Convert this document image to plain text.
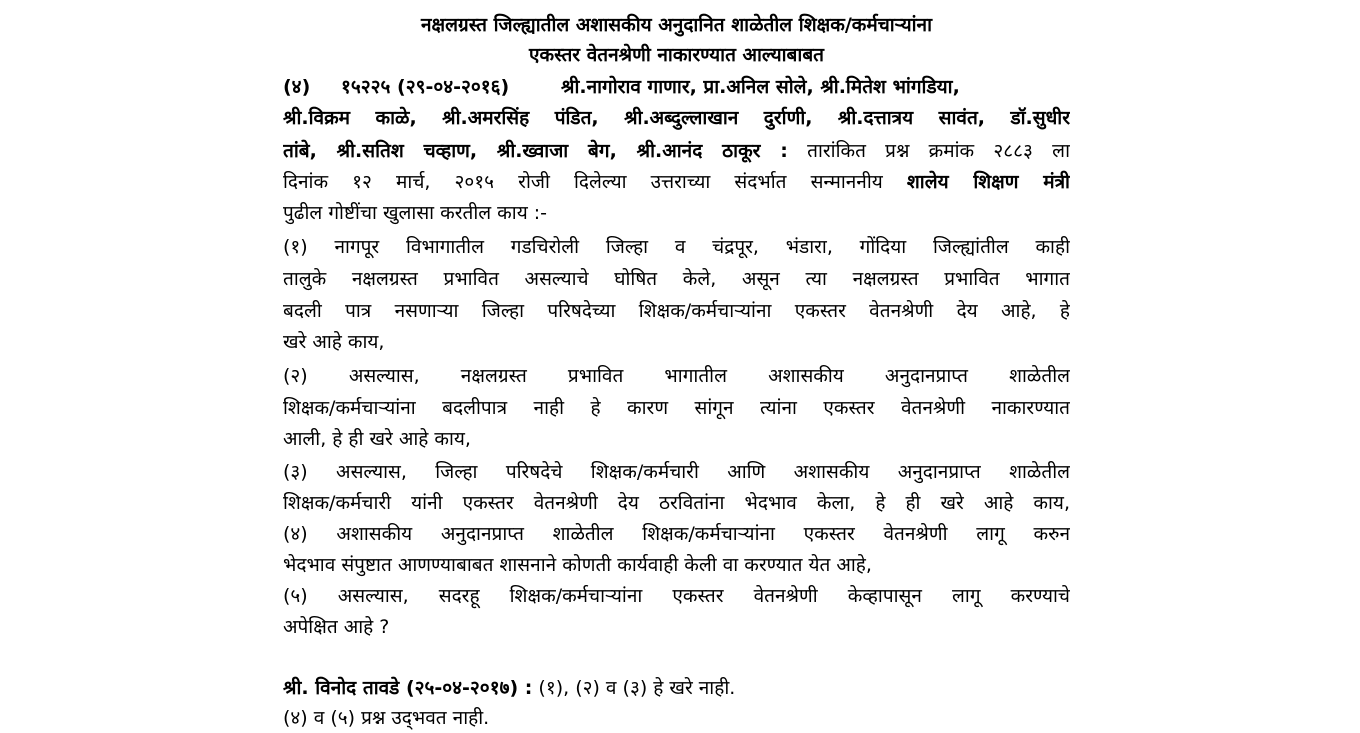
नक्षलग्रस्त जिल्ह्यातील अशासकीय अनुदानित शाळेतील शिक्षक/कर्मचाऱ्यांना
एकस्तर वेतनश्रेणी नाकारण्यात आल्याबाबत
(४) १५२२५ (२९-०४-२०१६)	श्री.नागोराव गाणार, प्रा.अनिल सोले, श्री.मितेश भांगडिया,
श्री.विक्रम काळे, श्री.अमरसिंह पंडित, श्री.अब्दुल्लाखान दुर्राणी, श्री.दत्तात्रय सावंत, डॉ.सुधीर
तांबे, श्री.सतिश चव्हाण, श्री.ख्वाजा बेग, श्री.आनंद ठाकूर : तारांकित प्रश्न क्रमांक २८८३ ला
दिनांक १२ मार्च, २०१५ रोजी दिलेल्या उत्तराच्या संदर्भात सन्माननीय शालेय शिक्षण मंत्री
पुढील गोष्टींचा खुलासा करतील काय :-
(१) नागपूर विभागातील गडचिरोली जिल्हा व चंद्रपूर, भंडारा, गोंदिया जिल्ह्यांतील काही
तालुके नक्षलग्रस्त प्रभावित असल्याचे घोषित केले, असून त्या नक्षलग्रस्त प्रभावित भागात
बदली पात्र नसणाऱ्या जिल्हा परिषदेच्या शिक्षक/कर्मचाऱ्यांना एकस्तर वेतनश्रेणी देय आहे, हे
खरे आहे काय,
(२) असल्यास, नक्षलग्रस्त प्रभावित भागातील अशासकीय अनुदानप्राप्त शाळेतील
शिक्षक/कर्मचाऱ्यांना बदलीपात्र नाही हे कारण सांगून त्यांना एकस्तर वेतनश्रेणी नाकारण्यात
आली, हे ही खरे आहे काय,
(३) असल्यास, जिल्हा परिषदेचे शिक्षक/कर्मचारी आणि अशासकीय अनुदानप्राप्त शाळेतील
शिक्षक/कर्मचारी यांनी एकस्तर वेतनश्रेणी देय ठरवितांना भेदभाव केला, हे ही खरे आहे काय,
(४) अशासकीय अनुदानप्राप्त शाळेतील शिक्षक/कर्मचाऱ्यांना एकस्तर वेतनश्रेणी लागू करुन
भेदभाव संपुष्टात आणण्याबाबत शासनाने कोणती कार्यवाही केली वा करण्यात येत आहे,
(५) असल्यास, सदरहू शिक्षक/कर्मचाऱ्यांना एकस्तर वेतनश्रेणी केव्हापासून लागू करण्याचे
अपेक्षित आहे ?
श्री. विनोद तावडे (२५-०४-२०१७) : (१), (२) व (३) हे खरे नाही.
(४) व (५) प्रश्न उद्‌भवत नाही.
